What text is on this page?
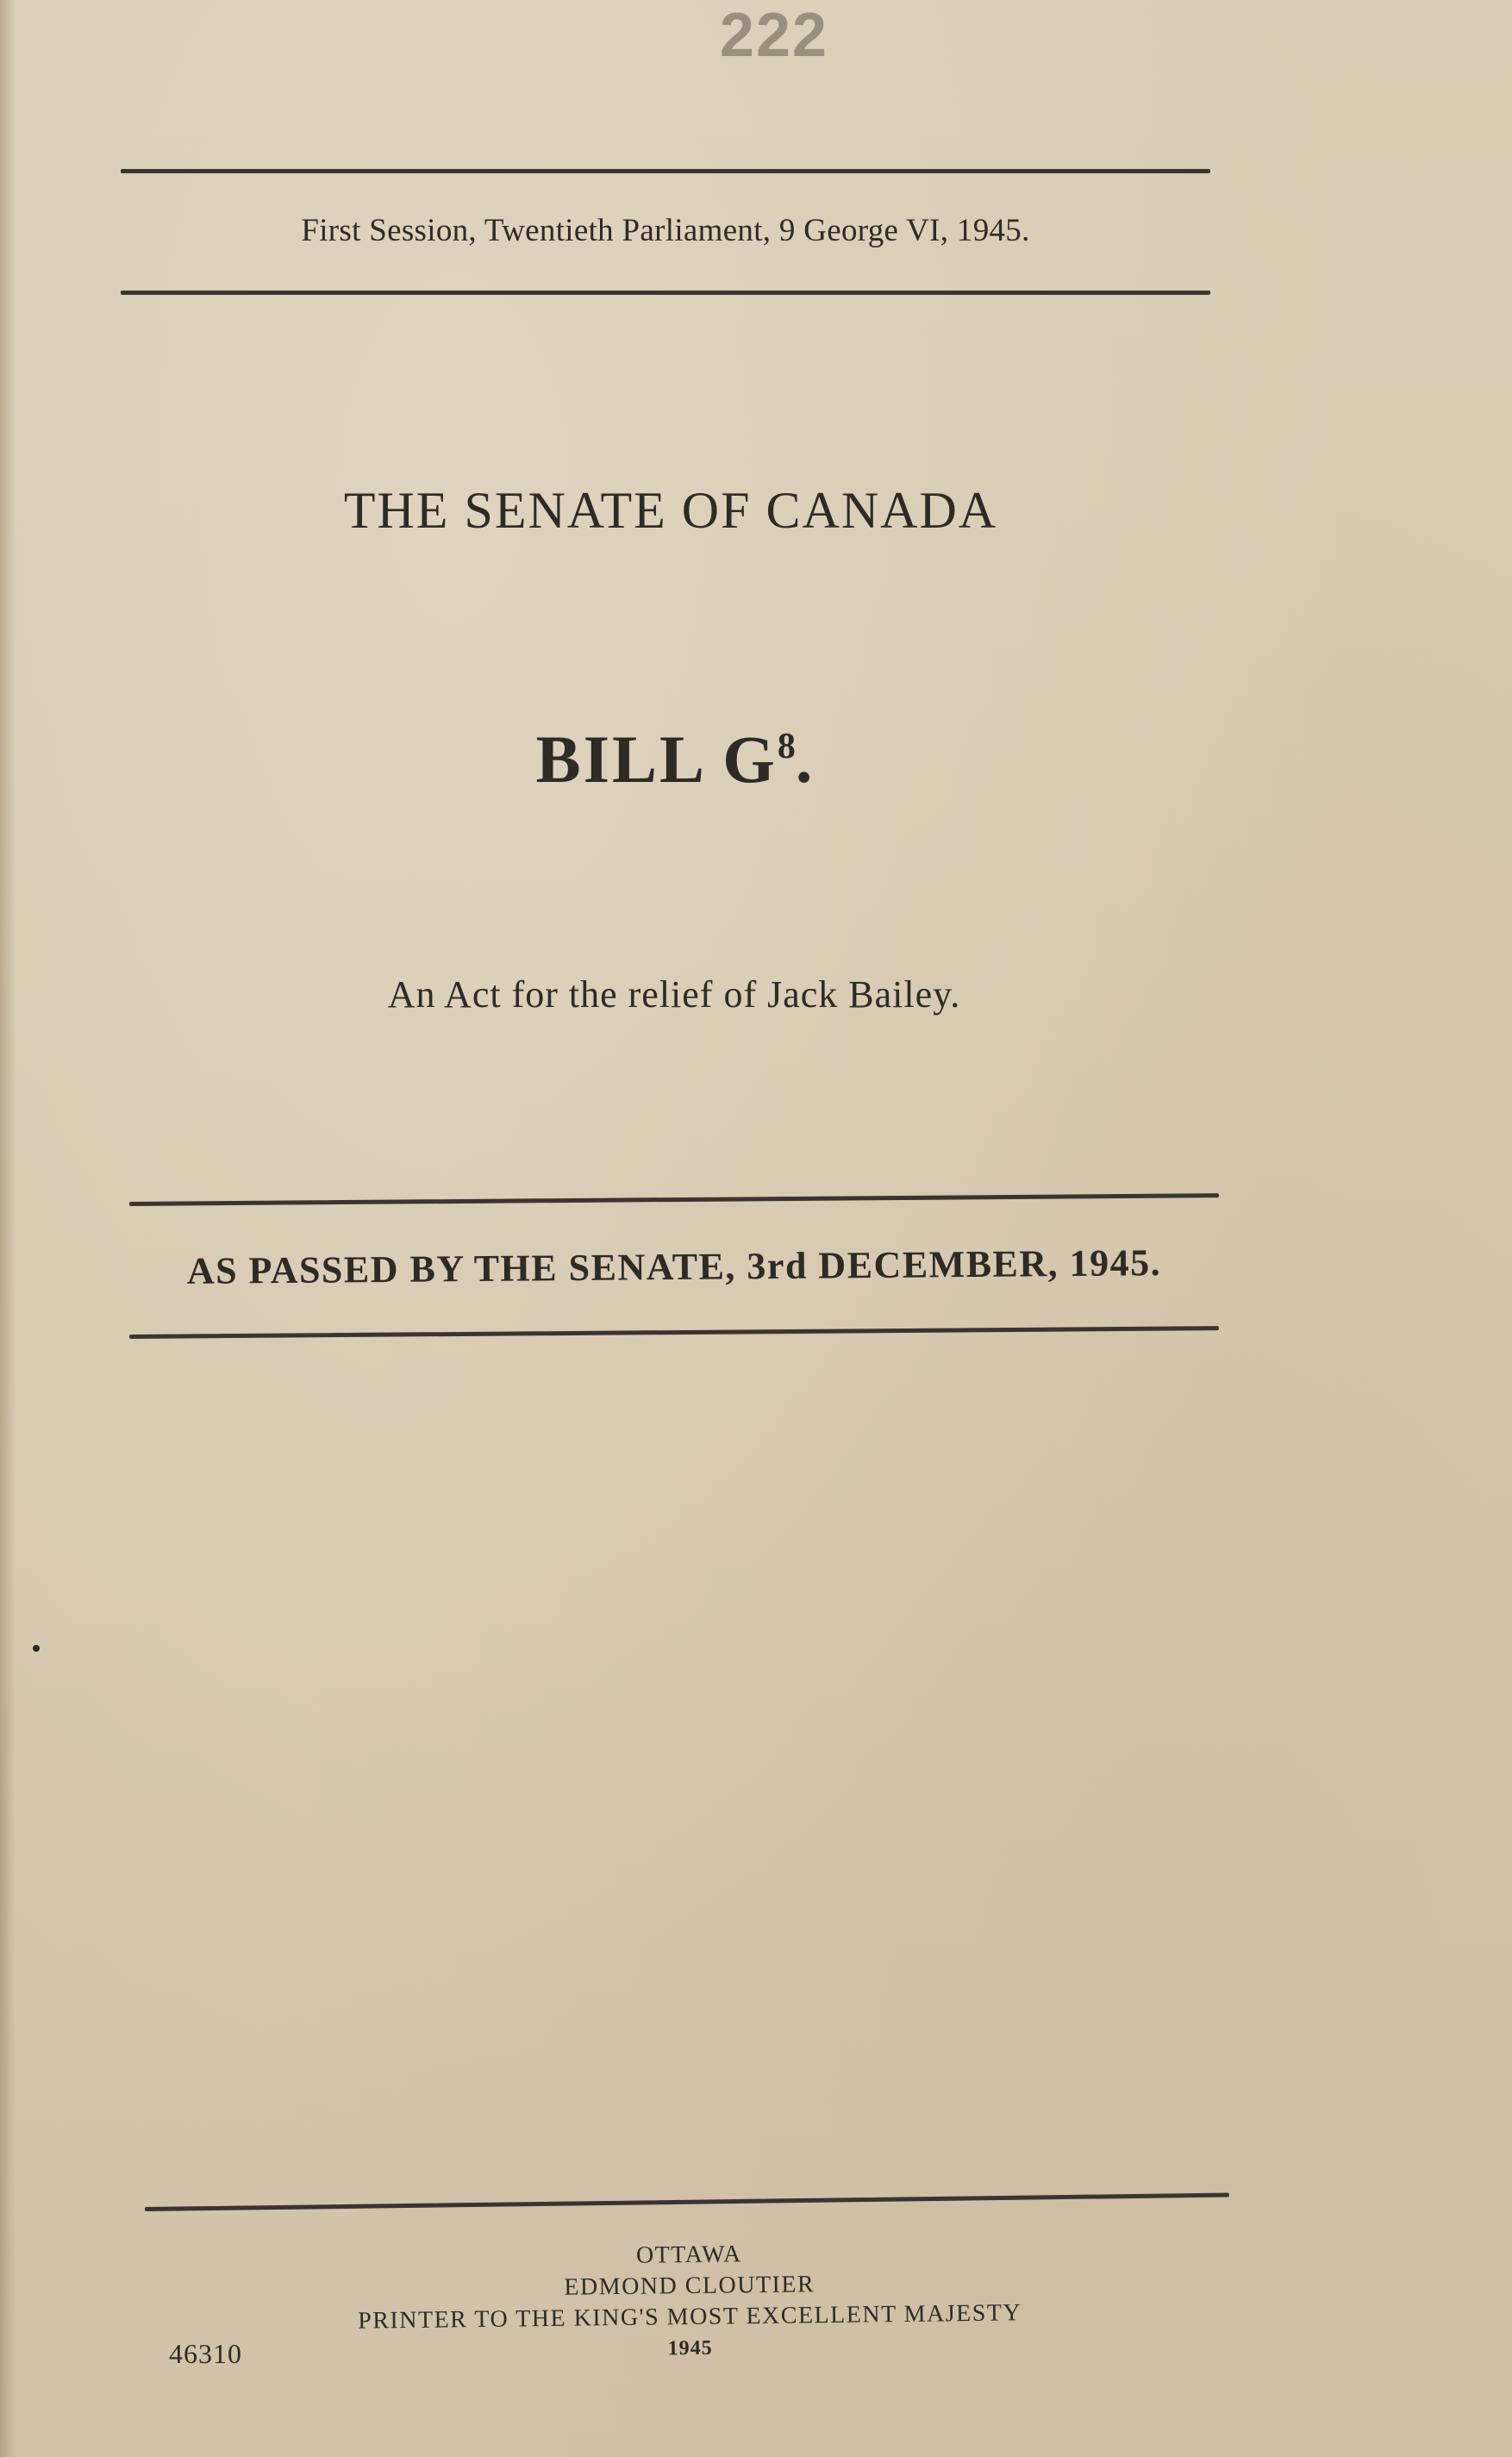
222
First Session, Twentieth Parliament, 9 George VI, 1945.
THE SENATE OF CANADA
BILL $G^8$.
An Act for the relief of Jack Bailey.
AS PASSED BY THE SENATE, 3rd DECEMBER, 1945.
OTTAWA
EDMOND CLOUTIER
PRINTER TO THE KING'S MOST EXCELLENT MAJESTY
1945
46310
